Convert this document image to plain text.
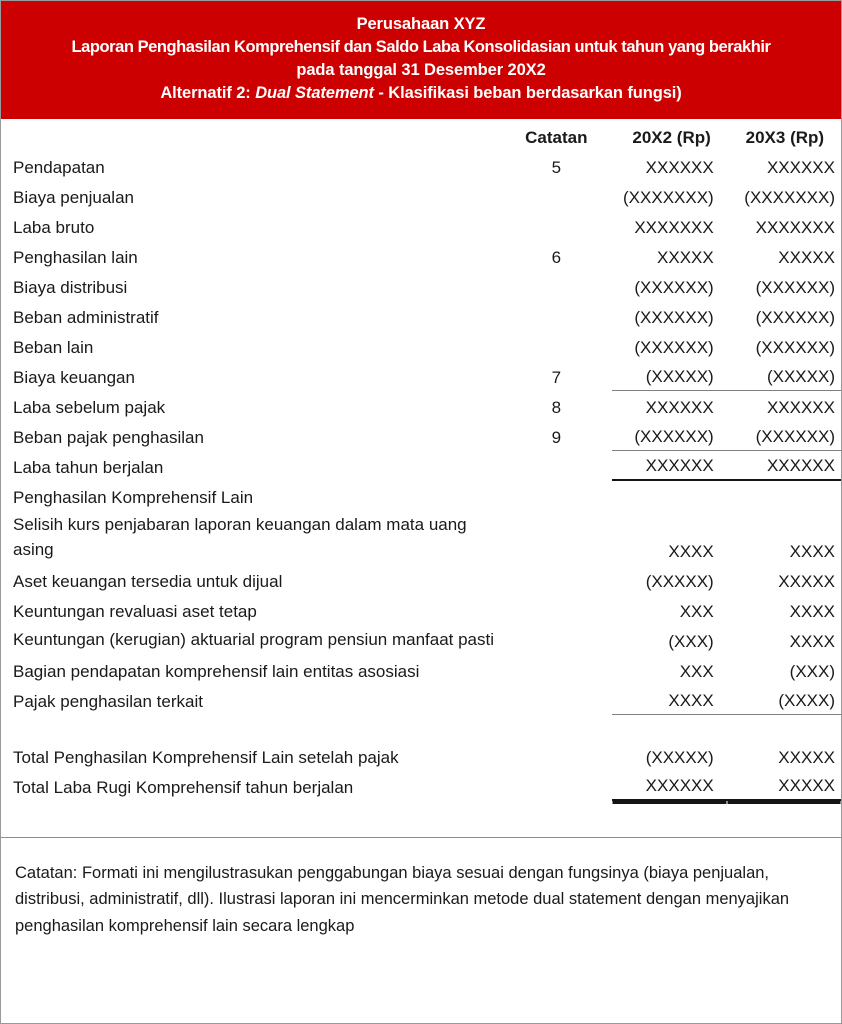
Perusahaan XYZ
Laporan Penghasilan Komprehensif dan Saldo Laba Konsolidasian untuk tahun yang berakhir
pada tanggal 31 Desember 20X2
Alternatif 2: Dual Statement - Klasifikasi beban berdasarkan fungsi)

	Catatan	20X2 (Rp)	20X3 (Rp)

Pendapatan	5	XXXXXX	XXXXXX

Biaya penjualan		(XXXXXXX)	(XXXXXXX)

Laba bruto		XXXXXXX	XXXXXXX

Penghasilan lain	6	XXXXX	XXXXX

Biaya distribusi		(XXXXXX)	(XXXXXX)

Beban administratif		(XXXXXX)	(XXXXXX)

Beban lain		(XXXXXX)	(XXXXXX)

Biaya keuangan	7	(XXXXX)	(XXXXX)

Laba sebelum pajak	8	XXXXXX	XXXXXX

Beban pajak penghasilan	9	(XXXXXX)	(XXXXXX)

Laba tahun berjalan		XXXXXX	XXXXXX

Penghasilan Komprehensif Lain			

Selisih kurs penjabaran laporan keuangan dalam mata uang asing		XXXX	XXXX

Aset keuangan tersedia untuk dijual		(XXXXX)	XXXXX

Keuntungan revaluasi aset tetap		XXX	XXXX

Keuntungan (kerugian) aktuarial program pensiun manfaat pasti		(XXX)	XXXX

Bagian pendapatan komprehensif lain entitas asosiasi		XXX	(XXX)

Pajak penghasilan terkait		XXXX	(XXXX)

Total Penghasilan Komprehensif Lain setelah pajak		(XXXXX)	XXXXX

Total Laba Rugi Komprehensif tahun berjalan		XXXXXX	XXXXX
Catatan: Formati ini mengilustrasukan penggabungan biaya sesuai dengan fungsinya (biaya penjualan, distribusi, administratif, dll). Ilustrasi laporan ini mencerminkan metode dual statement dengan menyajikan penghasilan komprehensif lain secara lengkap
